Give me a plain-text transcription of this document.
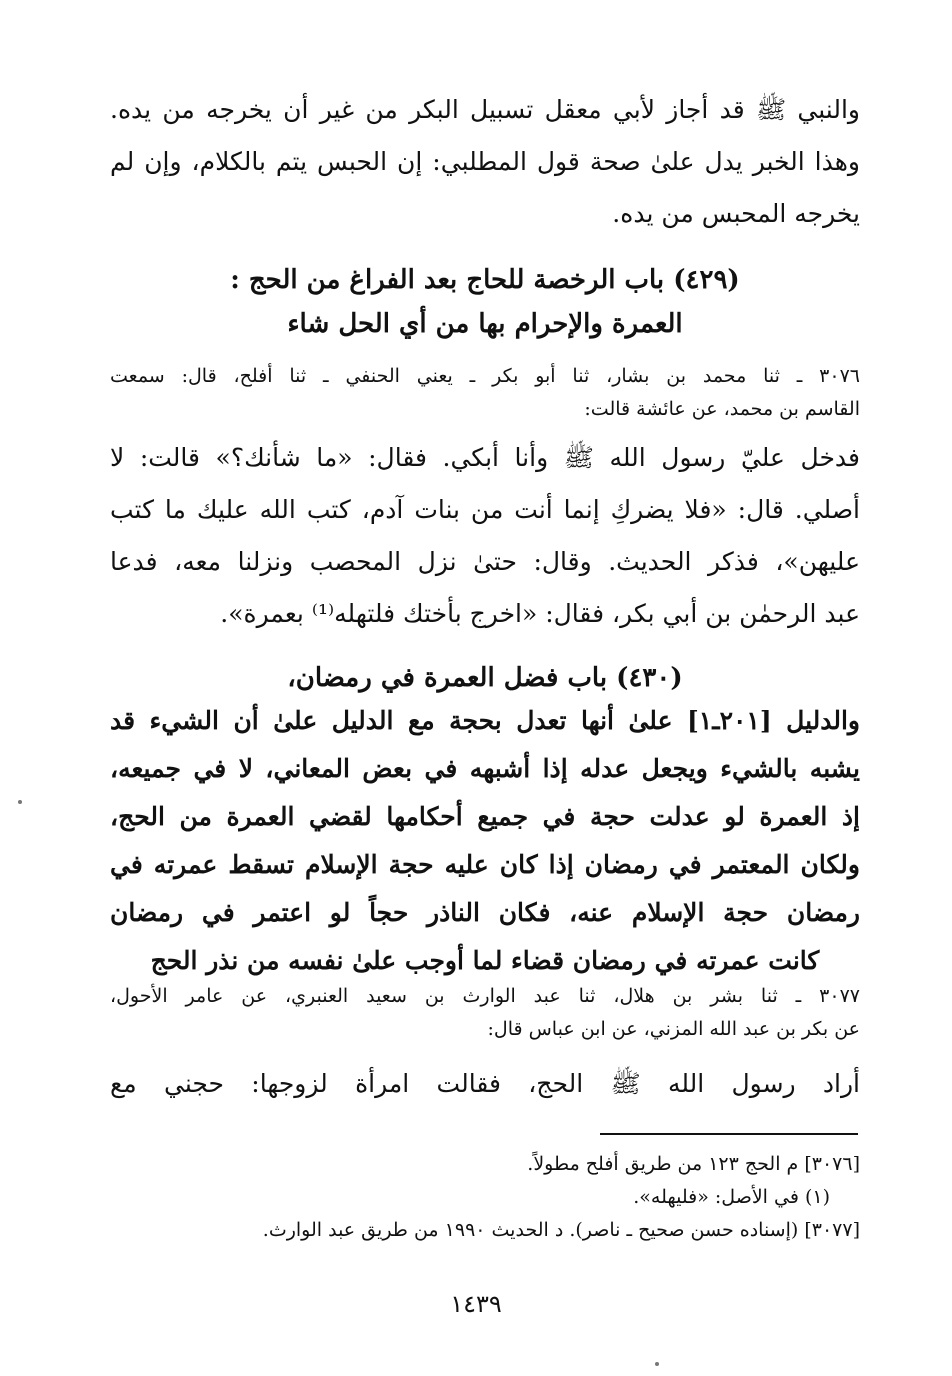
والنبي ﷺ قد أجاز لأبي معقل تسبيل البكر من غير أن يخرجه من يده.
وهذا الخبر يدل علىٰ صحة قول المطلبي: إن الحبس يتم بالكلام، وإن لم
يخرجه المحبس من يده.
(٤٢٩) باب الرخصة للحاج بعد الفراغ من الحج :
العمرة والإحرام بها من أي الحل شاء
٣٠٧٦ ـ ثنا محمد بن بشار، ثنا أبو بكر ـ يعني الحنفي ـ ثنا أفلح، قال: سمعت
القاسم بن محمد، عن عائشة قالت:
فدخل عليّ رسول الله ﷺ وأنا أبكي. فقال: «ما شأنك؟» قالت: لا
أصلي. قال: «فلا يضركِ إنما أنت من بنات آدم، كتب الله عليك ما كتب
عليهن»، فذكر الحديث. وقال: حتىٰ نزل المحصب ونزلنا معه، فدعا
عبد الرحمٰن بن أبي بكر، فقال: «اخرج بأختك فلتهله⁽¹⁾ بعمرة».
(٤٣٠) باب فضل العمرة في رمضان،
والدليل [٢٠١ـ١] علىٰ أنها تعدل بحجة مع الدليل علىٰ أن الشيء قد
يشبه بالشيء ويجعل عدله إذا أشبهه في بعض المعاني، لا في جميعه،
إذ العمرة لو عدلت حجة في جميع أحكامها لقضي العمرة من الحج،
ولكان المعتمر في رمضان إذا كان عليه حجة الإسلام تسقط عمرته في
رمضان حجة الإسلام عنه، فكان الناذر حجاً لو اعتمر في رمضان
كانت عمرته في رمضان قضاء لما أوجب علىٰ نفسه من نذر الحج
٣٠٧٧ ـ ثنا بشر بن هلال، ثنا عبد الوارث بن سعيد العنبري، عن عامر الأحول،
عن بكر بن عبد الله المزني، عن ابن عباس قال:
أراد رسول الله ﷺ الحج، فقالت امرأة لزوجها: حجني مع
[٣٠٧٦] م الحج ١٢٣ من طريق أفلح مطولاً.
(١) في الأصل: «فليهله».
[٣٠٧٧] (إسناده حسن صحيح ـ ناصر). د الحديث ١٩٩٠ من طريق عبد الوارث.
١٤٣٩
